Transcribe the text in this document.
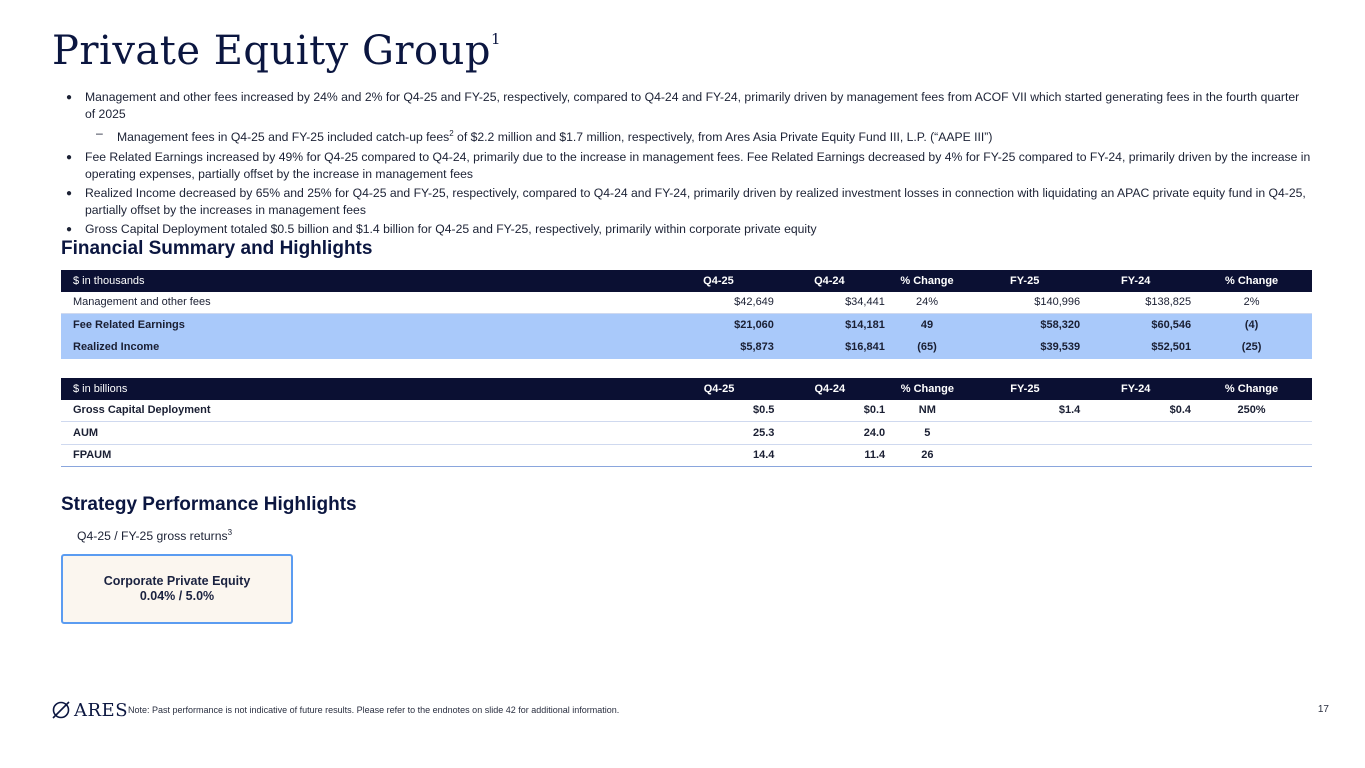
Private Equity Group$^1$
● Management and other fees increased by 24% and 2% for Q4-25 and FY-25, respectively, compared to Q4-24 and FY-24, primarily driven by management fees from ACOF VII which started generating fees in the fourth quarter of 2025
– Management fees in Q4-25 and FY-25 included catch-up fees$^2$ of $2.2 million and $1.7 million, respectively, from Ares Asia Private Equity Fund III, L.P. (“AAPE III”)
● Fee Related Earnings increased by 49% for Q4-25 compared to Q4-24, primarily due to the increase in management fees. Fee Related Earnings decreased by 4% for FY-25 compared to FY-24, primarily driven by the increase in operating expenses, partially offset by the increase in management fees
● Realized Income decreased by 65% and 25% for Q4-25 and FY-25, respectively, compared to Q4-24 and FY-24, primarily driven by realized investment losses in connection with liquidating an APAC private equity fund in Q4-25, partially offset by the increases in management fees
● Gross Capital Deployment totaled $0.5 billion and $1.4 billion for Q4-25 and FY-25, respectively, primarily within corporate private equity
Financial Summary and Highlights
$ in thousands	Q4-25	Q4-24	% Change	FY-25	FY-24	% Change
Management and other fees	$42,649	$34,441	24%	$140,996	$138,825	2%
Fee Related Earnings	$21,060	$14,181	49	$58,320	$60,546	(4)
Realized Income	$5,873	$16,841	(65)	$39,539	$52,501	(25)
$ in billions	Q4-25	Q4-24	% Change	FY-25	FY-24	% Change
Gross Capital Deployment	$0.5	$0.1	NM	$1.4	$0.4	250%
AUM	25.3	24.0	5			
FPAUM	14.4	11.4	26			
Strategy Performance Highlights
Q4-25 / FY-25 gross returns$^3$
Corporate Private Equity
0.04% / 5.0%
ARES Note: Past performance is not indicative of future results. Please refer to the endnotes on slide 42 for additional information.	17
